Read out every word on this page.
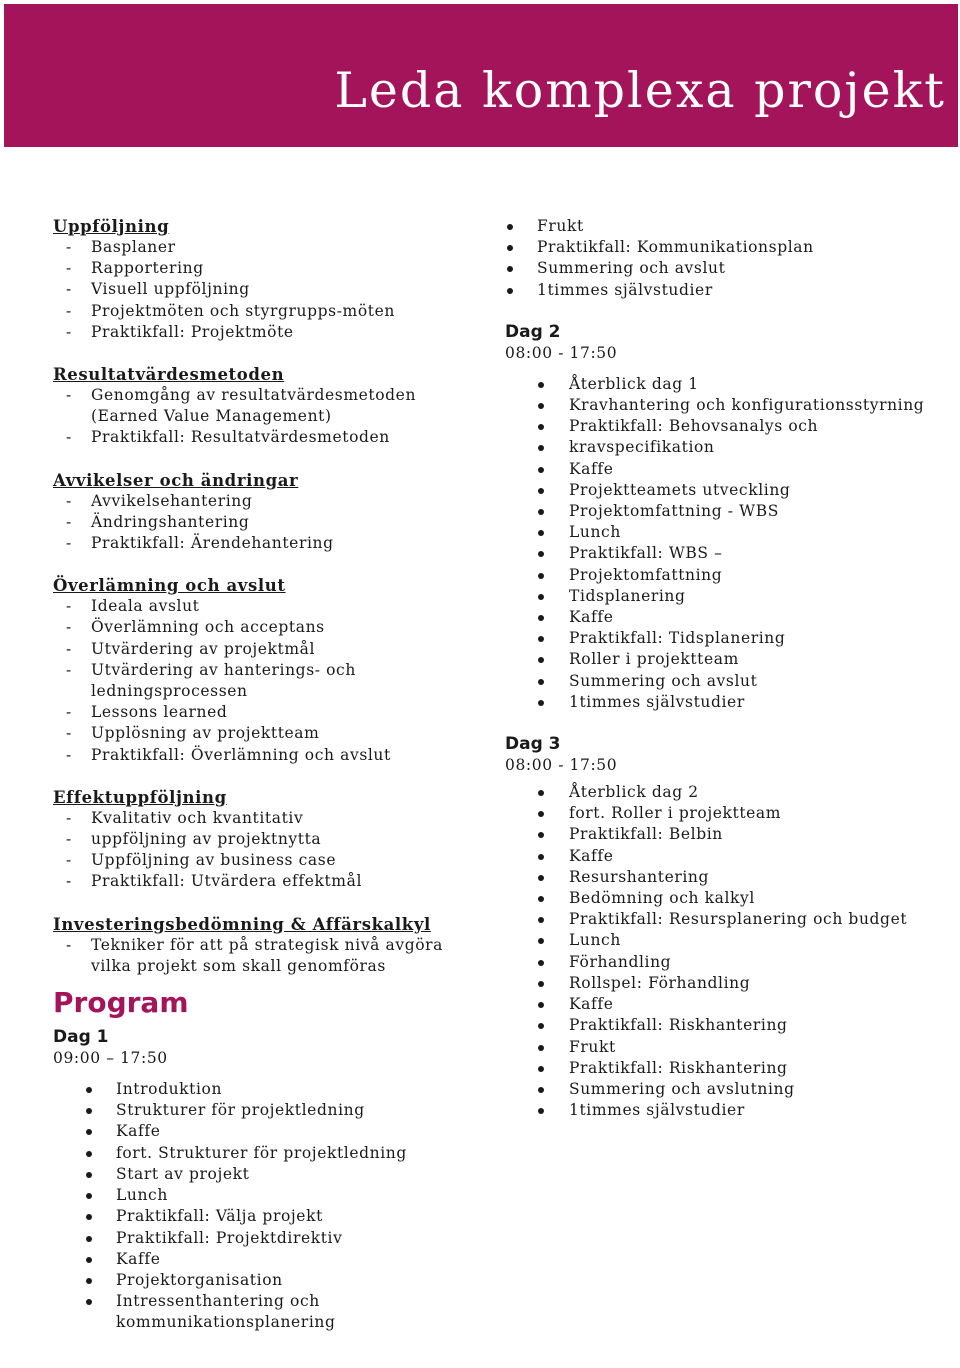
Leda komplexa projekt
Uppföljning
- Basplaner
- Rapportering
- Visuell uppföljning
- Projektmöten och styrgrupps-möten
- Praktikfall: Projektmöte
Resultatvärdesmetoden
- Genomgång av resultatvärdesmetoden (Earned Value Management)
- Praktikfall: Resultatvärdesmetoden
Avvikelser och ändringar
- Avvikelsehantering
- Ändringshantering
- Praktikfall: Ärendehantering
Överlämning och avslut
- Ideala avslut
- Överlämning och acceptans
- Utvärdering av projektmål
- Utvärdering av hanterings- och ledningsprocessen
- Lessons learned
- Upplösning av projektteam
- Praktikfall: Överlämning och avslut
Effektuppföljning
- Kvalitativ och kvantitativ
- uppföljning av projektnytta
- Uppföljning av business case
- Praktikfall: Utvärdera effektmål
Investeringsbedömning & Affärskalkyl
- Tekniker för att på strategisk nivå avgöra vilka projekt som skall genomföras
Program
Dag 1
09:00 – 17:50
Introduktion
Strukturer för projektledning
Kaffe
fort. Strukturer för projektledning
Start av projekt
Lunch
Praktikfall: Välja projekt
Praktikfall: Projektdirektiv
Kaffe
Projektorganisation
Intressenthantering och kommunikationsplanering
Frukt
Praktikfall: Kommunikationsplan
Summering och avslut
1timmes självstudier
Dag 2
08:00 - 17:50
Återblick dag 1
Kravhantering och konfigurationsstyrning
Praktikfall: Behovsanalys och
kravspecifikation
Kaffe
Projektteamets utveckling
Projektomfattning - WBS
Lunch
Praktikfall: WBS –
Projektomfattning
Tidsplanering
Kaffe
Praktikfall: Tidsplanering
Roller i projektteam
Summering och avslut
1timmes självstudier
Dag 3
08:00 - 17:50
Återblick dag 2
fort. Roller i projektteam
Praktikfall: Belbin
Kaffe
Resurshantering
Bedömning och kalkyl
Praktikfall: Resursplanering och budget
Lunch
Förhandling
Rollspel: Förhandling
Kaffe
Praktikfall: Riskhantering
Frukt
Praktikfall: Riskhantering
Summering och avslutning
1timmes självstudier
